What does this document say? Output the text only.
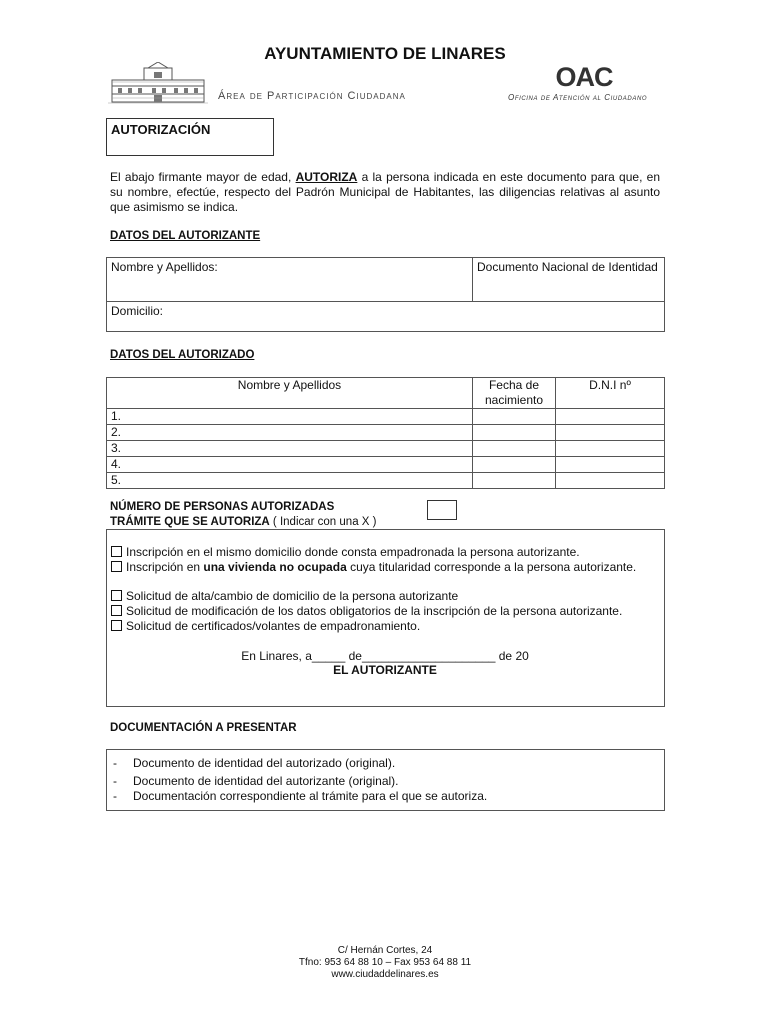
AYUNTAMIENTO DE LINARES
Área de Participación Ciudadana
OAC
Oficina de Atención al Ciudadano
AUTORIZACIÓN
El abajo firmante mayor de edad, AUTORIZA a la persona indicada en este documento para que, en su nombre, efectúe, respecto del Padrón Municipal de Habitantes, las diligencias relativas al asunto que asimismo se indica.
DATOS DEL AUTORIZANTE
Nombre y Apellidos:	Documento Nacional de Identidad
Domicilio:
DATOS DEL AUTORIZADO
Nombre y Apellidos	Fecha de nacimiento	D.N.I nº
1.		
2.		
3.		
4.		
5.		
NÚMERO DE PERSONAS AUTORIZADAS
TRÁMITE QUE SE AUTORIZA ( Indicar con una X )
Inscripción en el mismo domicilio donde consta empadronada la persona autorizante.
Inscripción en una vivienda no ocupada cuya titularidad corresponde a la persona autorizante.
Solicitud de alta/cambio de domicilio de la persona autorizante
Solicitud de modificación de los datos obligatorios de la inscripción de la persona autorizante.
Solicitud de certificados/volantes de empadronamiento.
En Linares, a_____ de____________________ de 20
EL AUTORIZANTE
DOCUMENTACIÓN A PRESENTAR
- Documento de identidad del autorizado (original).
- Documento de identidad del autorizante (original).
- Documentación correspondiente al trámite para el que se autoriza.
C/ Hernán Cortes, 24
Tfno: 953 64 88 10 – Fax 953 64 88 11
www.ciudaddelinares.es
